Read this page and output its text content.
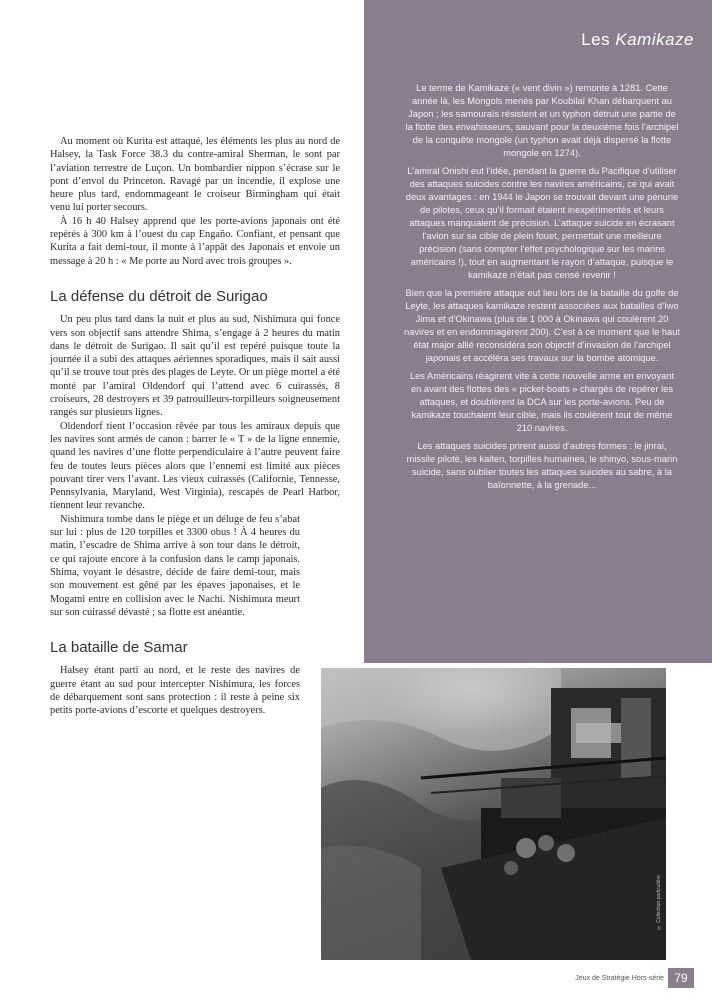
Les Kamikaze

Le terme de Kamikaze (« vent divin ») remonte à 1281. Cette année là, les Mongols menés par Koubilaï Khan débarquent au Japon ; les samouraïs résistent et un typhon détruit une partie de la flotte des envahisseurs, sauvant pour la deuxième fois l’archipel de la conquête mongole (un typhon avait déjà dispersé la flotte mongole en 1274).

L’amiral Onishi eut l’idée, pendant la guerre du Pacifique d’utiliser des attaques suicides contre les navires américains, ce qui avait deux avantages : en 1944 le Japon se trouvait devant une pénurie de pilotes, ceux qu’il formait étaient inexpérimentés et leurs attaques manquaient de précision. L’attaque suicide en écrasant l’avion sur sa cible de plein fouet, permettait une meilleure précision (sans compter l’effet psychologique sur les marins américains !), tout en augmentant le rayon d’attaque, puisque le kamikaze n’était pas censé revenir !

Bien que la première attaque eut lieu lors de la bataille du golfe de Leyte, les attaques kamikaze restent associées aux batailles d’Iwo Jima et d’Okinawa (plus de 1 000 à Okinawa qui coulèrent 20 navires et en endommagèrent 200). C’est à ce moment que le haut état major allié reconsidéra son objectif d’invasion de l’archipel japonais et accéléra ses travaux sur la bombe atomique.

Les Américains réagirent vite à cette nouvelle arme en envoyant en avant des flottes des « picket-boats » chargés de repérer les attaques, et doublèrent la DCA sur les porte-avions. Peu de kamikaze touchaient leur cible, mais ils coulèrent tout de même 210 navires.

Les attaques suicides prirent aussi d’autres formes : le jinrai, missile piloté, les kaiten, torpilles humaines, le shinyo, sous-marin suicide, sans oublier toutes les attaques suicides au sabre, à la baïonnette, à la grenade...

Au moment où Kurita est attaqué, les éléments les plus au nord de Halsey, la Task Force 38.3 du contre-amiral Sherman, le sont par l’aviation terrestre de Luçon. Un bombardier nippon s’écrase sur le pont d’envol du Princeton. Ravagé par un incendie, il explose une heure plus tard, endommageant le croiseur Birmingham qui était venu lui porter secours.

À 16 h 40 Halsey apprend que les porte-avions japonais ont été repérés à 300 km à l’ouest du cap Engaño. Confiant, et pensant que Kurita a fait demi-tour, il monte à l’appât des Japonais et envoie un message à 20 h : « Me porte au Nord avec trois groupes ».

La défense du détroit de Surigao

Un peu plus tard dans la nuit et plus au sud, Nishimura qui fonce vers son objectif sans attendre Shima, s’engage à 2 heures du matin dans le détroit de Surigao. Il sait qu’il est repéré puisque toute la journée il a subi des attaques aériennes sporadiques, mais il sait aussi qu’il se trouve tout près des plages de Leyte. Or un piège mortel a été monté par l’amiral Oldendorf qui l’attend avec 6 cuirassés, 8 croiseurs, 28 destroyers et 39 patrouilleurs-torpilleurs soigneusement rangés sur plusieurs lignes.

Oldendorf tient l’occasion rêvée par tous les amiraux depuis que les navires sont armés de canon : barrer le « T » de la ligne ennemie, quand les navires d’une flotte perpendiculaire à l’autre peuvent faire feu de toutes leurs pièces alors que l’ennemi est limité aux pièces pouvant tirer vers l’avant. Les vieux cuirassés (Californie, Tennesse, Pennsylvania, Maryland, West Virginia), rescapés de Pearl Harbor, tiennent leur revanche.

Nishimura tombe dans le piège et un déluge de feu s’abat sur lui : plus de 120 torpilles et 3300 obus ! À 4 heures du matin, l’escadre de Shima arrive à son tour dans le détroit, ce qui rajoute encore à la confusion dans le camp japonais. Shima, voyant le désastre, décide de faire demi-tour, mais son mouvement est gêné par les épaves japonaises, et le Mogami entre en collision avec le Nachi. Nishimura meurt sur son cuirassé dévasté ; sa flotte est anéantie.

La bataille de Samar

Halsey étant parti au nord, et le reste des navires de guerre étant au sud pour intercepter Nishimura, les forces de débarquement sont sans protection : il reste à peine six petits porte-avions d’escorte et quelques destroyers.

© Collection particulière
Jeux de Stratégie Hors-série 79
